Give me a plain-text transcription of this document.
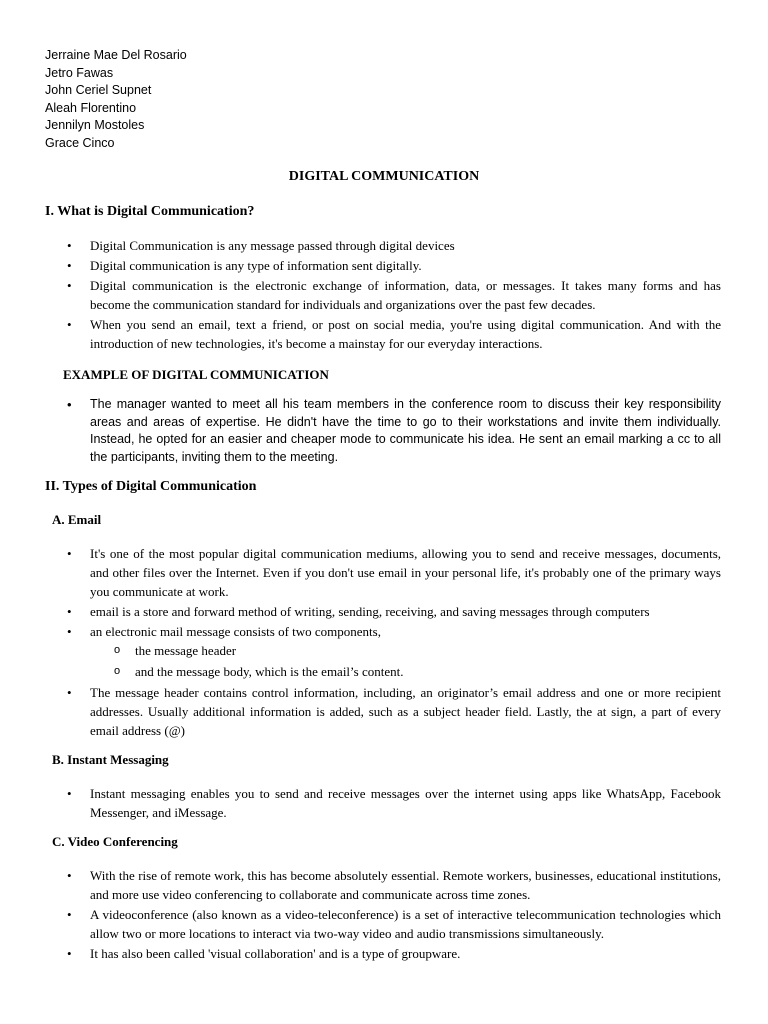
Jerraine Mae Del Rosario
Jetro Fawas
John Ceriel Supnet
Aleah Florentino
Jennilyn Mostoles
Grace Cinco
DIGITAL COMMUNICATION
I. What is Digital Communication?
• Digital Communication is any message passed through digital devices
• Digital communication is any type of information sent digitally.
• Digital communication is the electronic exchange of information, data, or messages. It takes many forms and has become the communication standard for individuals and organizations over the past few decades.
• When you send an email, text a friend, or post on social media, you're using digital communication. And with the introduction of new technologies, it's become a mainstay for our everyday interactions.
EXAMPLE OF DIGITAL COMMUNICATION
• The manager wanted to meet all his team members in the conference room to discuss their key responsibility areas and areas of expertise. He didn't have the time to go to their workstations and invite them individually. Instead, he opted for an easier and cheaper mode to communicate his idea. He sent an email marking a cc to all the participants, inviting them to the meeting.
II. Types of Digital Communication
A. Email
• It's one of the most popular digital communication mediums, allowing you to send and receive messages, documents, and other files over the Internet. Even if you don't use email in your personal life, it's probably one of the primary ways you communicate at work.
• email is a store and forward method of writing, sending, receiving, and saving messages through computers
• an electronic mail message consists of two components,
o the message header
o and the message body, which is the email’s content.
• The message header contains control information, including, an originator’s email address and one or more recipient addresses. Usually additional information is added, such as a subject header field. Lastly, the at sign, a part of every email address (@)
B. Instant Messaging
• Instant messaging enables you to send and receive messages over the internet using apps like WhatsApp, Facebook Messenger, and iMessage.
C. Video Conferencing
• With the rise of remote work, this has become absolutely essential. Remote workers, businesses, educational institutions, and more use video conferencing to collaborate and communicate across time zones.
• A videoconference (also known as a video-teleconference) is a set of interactive telecommunication technologies which allow two or more locations to interact via two-way video and audio transmissions simultaneously.
• It has also been called 'visual collaboration' and is a type of groupware.
